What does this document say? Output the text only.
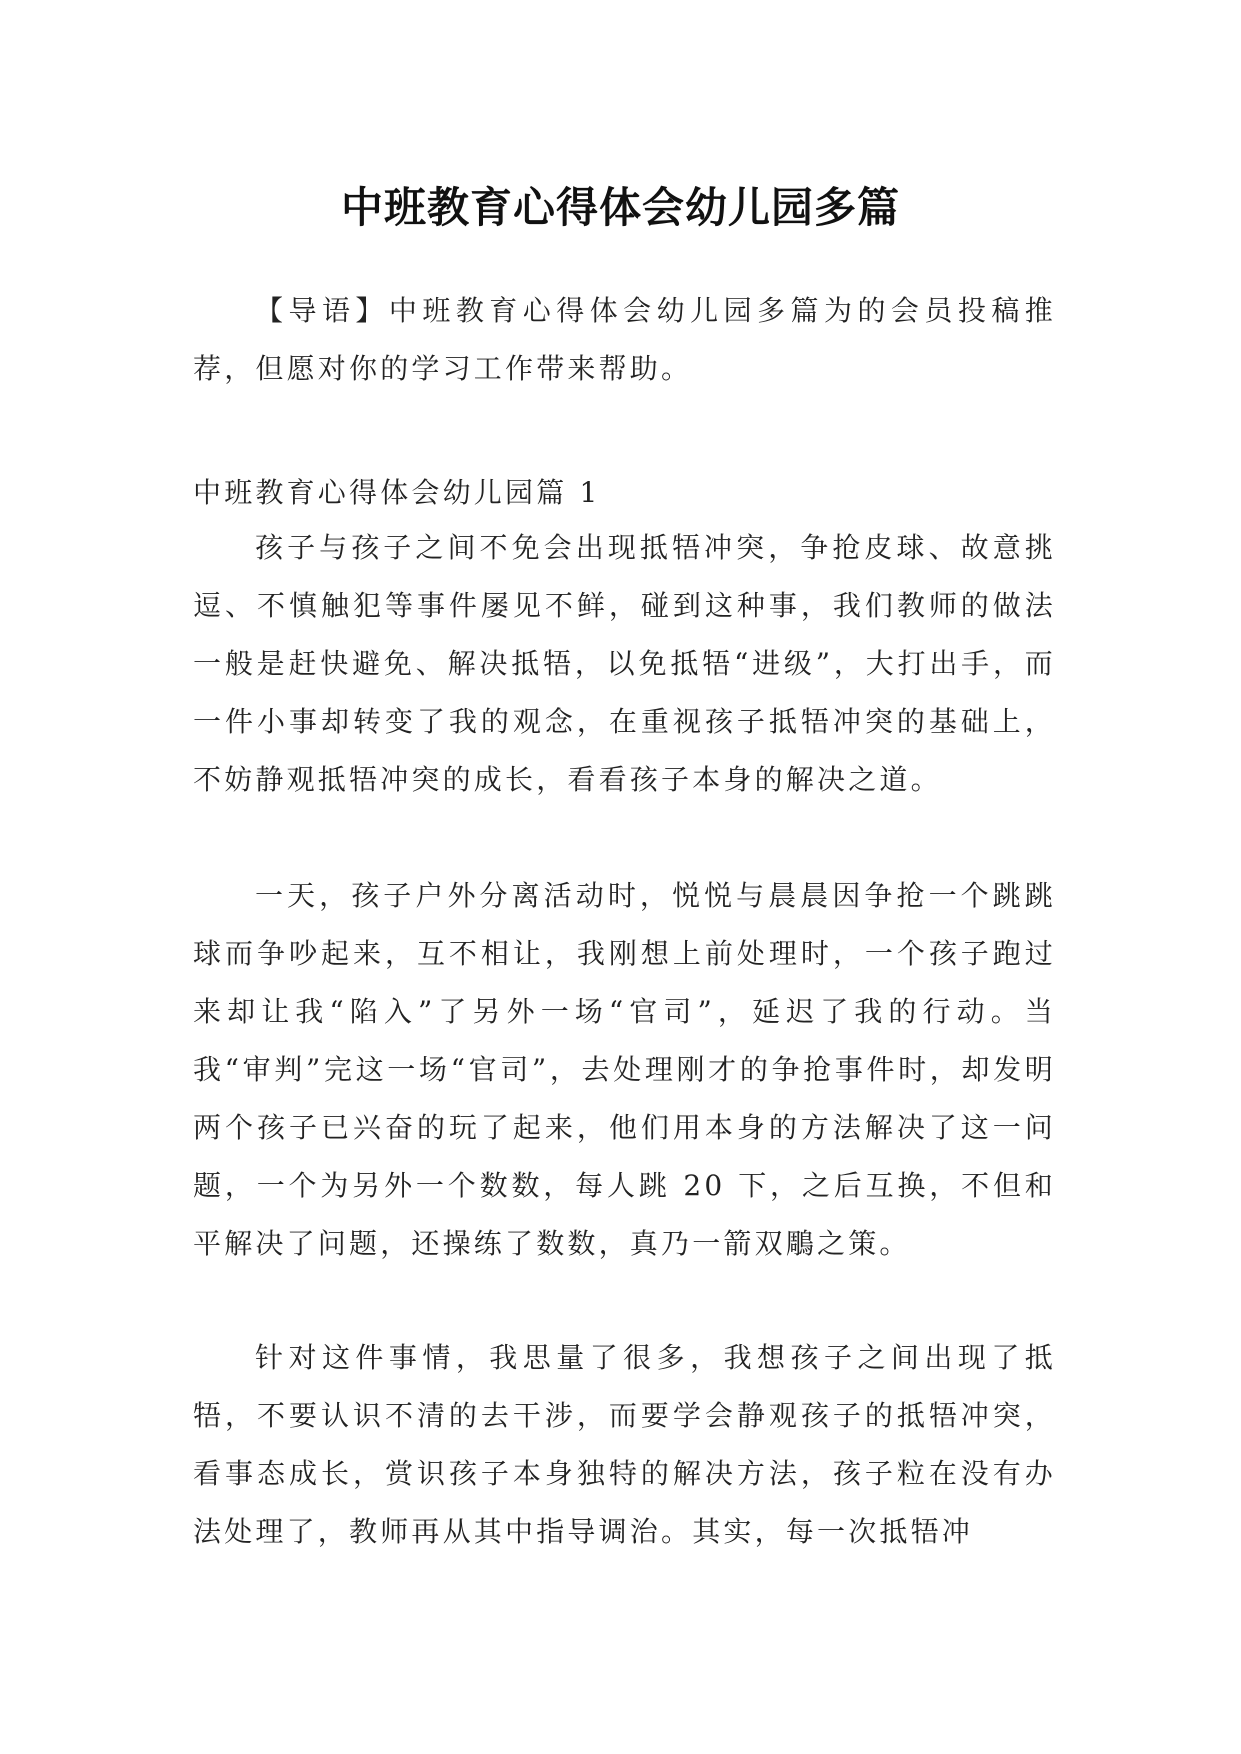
中班教育心得体会幼儿园多篇

【导语】中班教育心得体会幼儿园多篇为的会员投稿推荐，但愿对你的学习工作带来帮助。

中班教育心得体会幼儿园篇 1

孩子与孩子之间不免会出现抵牾冲突，争抢皮球、故意挑逗、不慎触犯等事件屡见不鲜，碰到这种事，我们教师的做法一般是赶快避免、解决抵牾，以免抵牾“进级”，大打出手，而一件小事却转变了我的观念，在重视孩子抵牾冲突的基础上，不妨静观抵牾冲突的成长，看看孩子本身的解决之道。

一天，孩子户外分离活动时，悦悦与晨晨因争抢一个跳跳球而争吵起来，互不相让，我刚想上前处理时，一个孩子跑过来却让我“陷入”了另外一场“官司”，延迟了我的行动。当我“审判”完这一场“官司”，去处理刚才的争抢事件时，却发明两个孩子已兴奋的玩了起来，他们用本身的方法解决了这一问题，一个为另外一个数数，每人跳 20 下，之后互换，不但和平解决了问题，还操练了数数，真乃一箭双鵰之策。

针对这件事情，我思量了很多，我想孩子之间出现了抵牾，不要认识不清的去干涉，而要学会静观孩子的抵牾冲突，看事态成长，赏识孩子本身独特的解决方法，孩子粒在没有办法处理了，教师再从其中指导调治。其实，每一次抵牾冲
